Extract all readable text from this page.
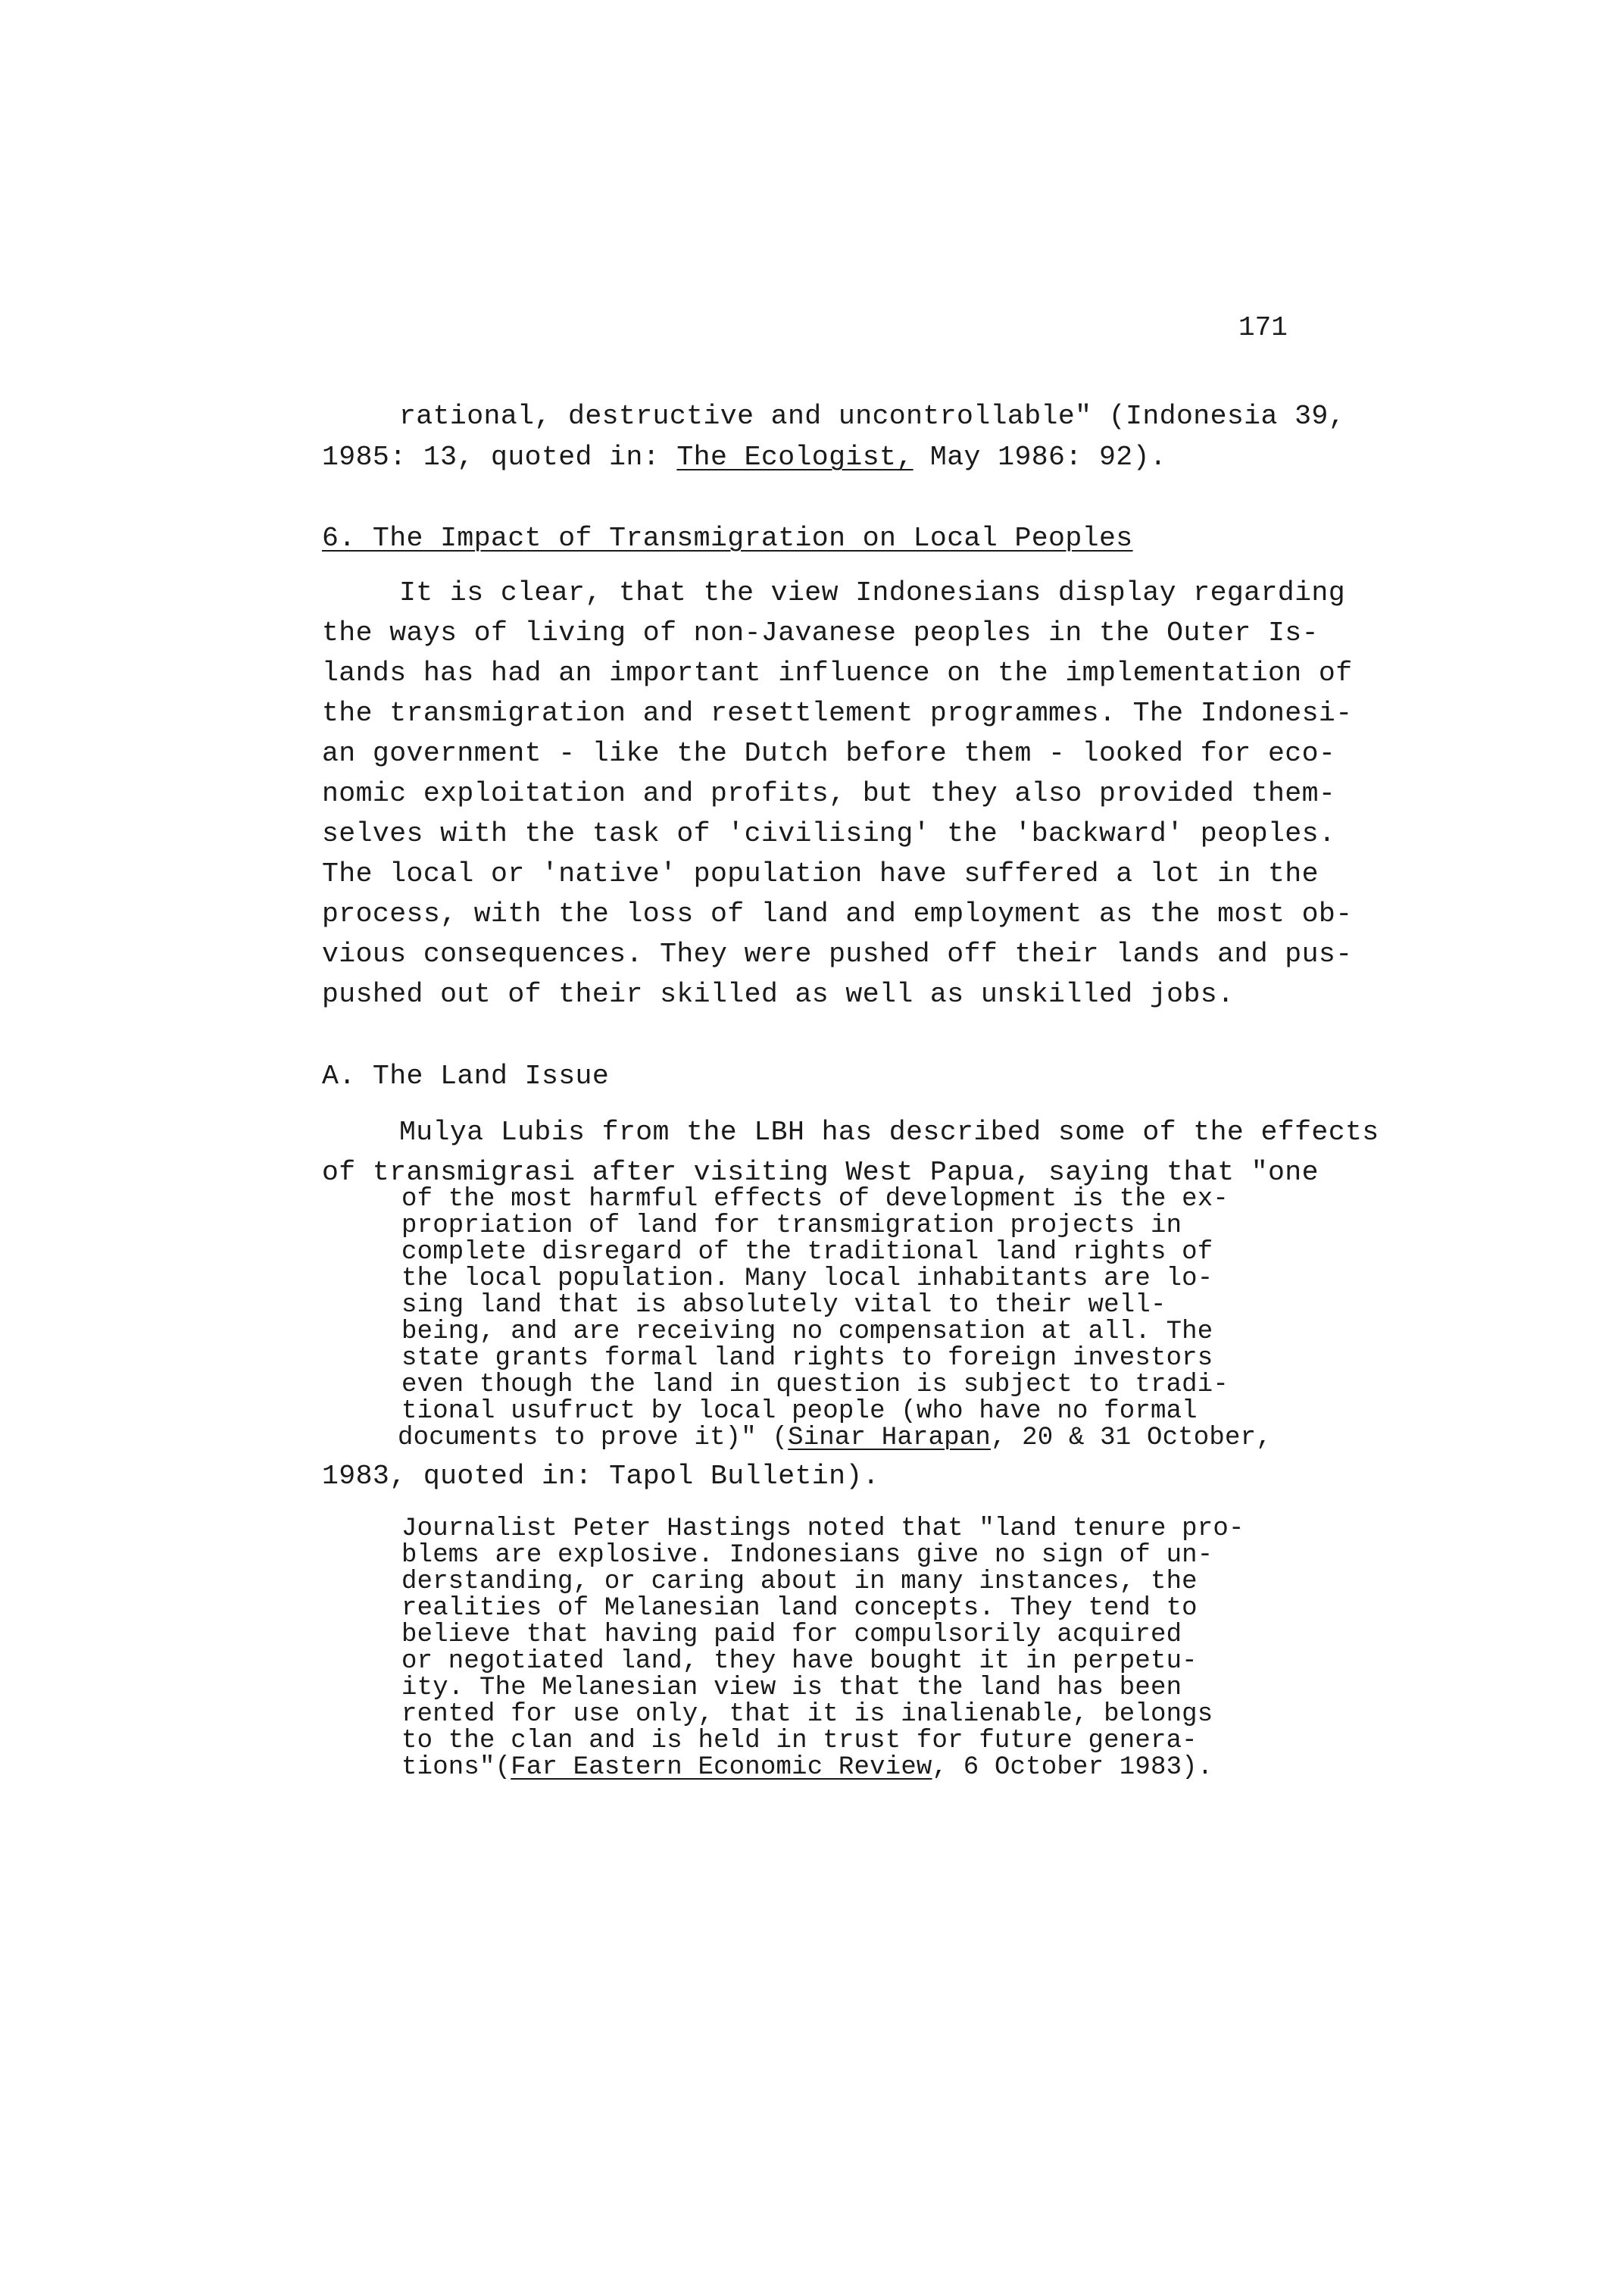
171
rational, destructive and uncontrollable" (Indonesia 39,
1985: 13, quoted in: The Ecologist, May 1986: 92).
6. The Impact of Transmigration on Local Peoples
It is clear, that the view Indonesians display regarding
the ways of living of non-Javanese peoples in the Outer Is-
lands has had an important influence on the implementation of
the transmigration and resettlement programmes. The Indonesi-
an government - like the Dutch before them - looked for eco-
nomic exploitation and profits, but they also provided them-
selves with the task of 'civilising' the 'backward' peoples.
The local or 'native' population have suffered a lot in the
process, with the loss of land and employment as the most ob-
vious consequences. They were pushed off their lands and pus-
pushed out of their skilled as well as unskilled jobs.
A. The Land Issue
Mulya Lubis from the LBH has described some of the effects
of transmigrasi after visiting West Papua, saying that "one
of the most harmful effects of development is the ex-
propriation of land for transmigration projects in
complete disregard of the traditional land rights of
the local population. Many local inhabitants are lo-
sing land that is absolutely vital to their well-
being, and are receiving no compensation at all. The
state grants formal land rights to foreign investors
even though the land in question is subject to tradi-
tional usufruct by local people (who have no formal
documents to prove it)" (Sinar Harapan, 20 & 31 October,
1983, quoted in: Tapol Bulletin).
Journalist Peter Hastings noted that "land tenure pro-
blems are explosive. Indonesians give no sign of un-
derstanding, or caring about in many instances, the
realities of Melanesian land concepts. They tend to
believe that having paid for compulsorily acquired
or negotiated land, they have bought it in perpetu-
ity. The Melanesian view is that the land has been
rented for use only, that it is inalienable, belongs
to the clan and is held in trust for future genera-
tions"(Far Eastern Economic Review, 6 October 1983).
